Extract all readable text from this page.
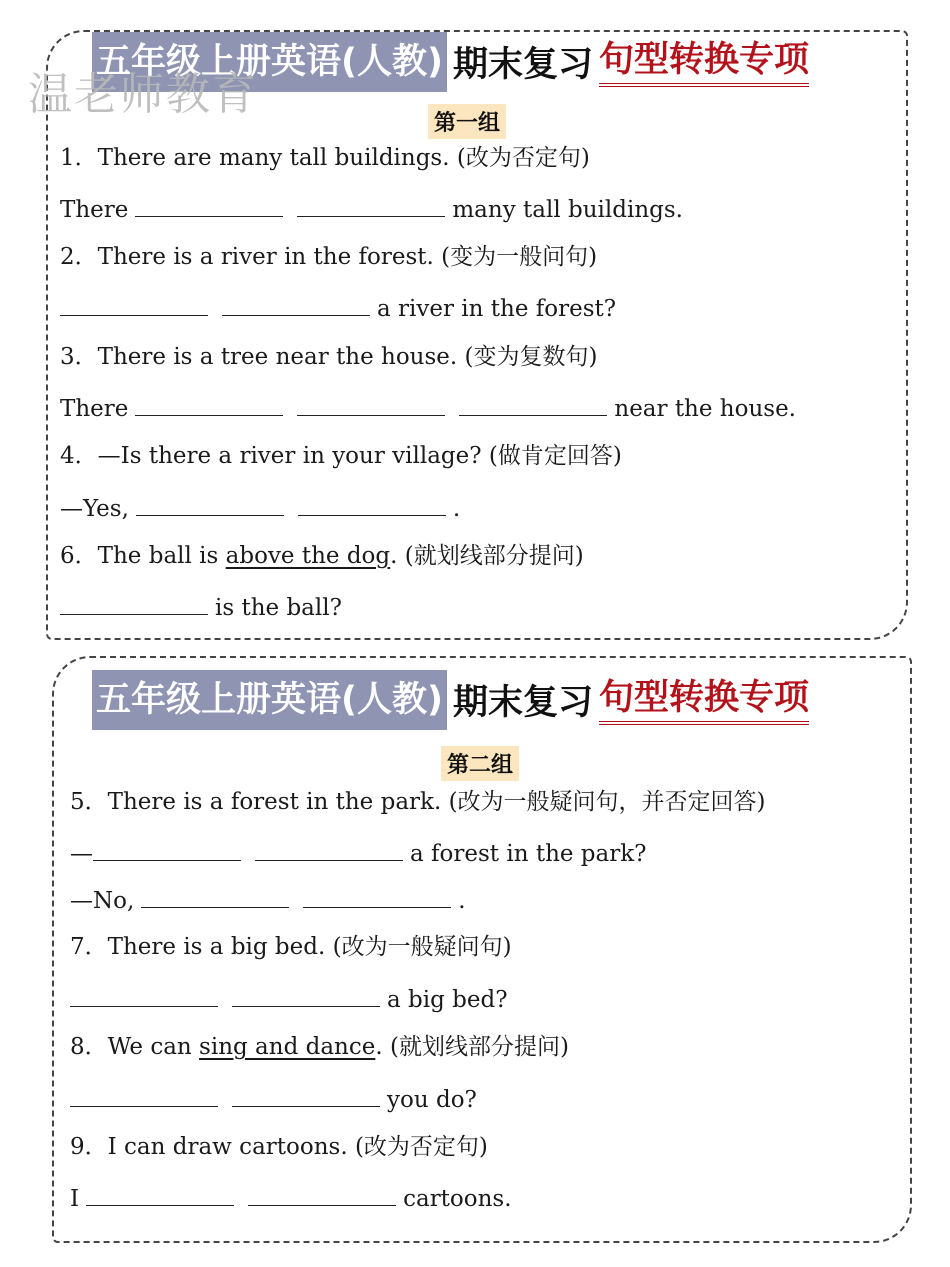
温老师教育
五年级上册英语(人教) 期末复习 句型转换专项
第一组
1．There are many tall buildings. (改为否定句)
There	many tall buildings.
2．There is a river in the forest. (变为一般问句)
a river in the forest?
3．There is a tree near the house. (变为复数句)
There	near the house.
4．—Is there a river in your village? (做肯定回答)
—Yes,	.
6．The ball is above the dog. (就划线部分提问)
is the ball?
五年级上册英语(人教) 期末复习 句型转换专项
第二组
5．There is a forest in the park. (改为一般疑问句，并否定回答)
—	a forest in the park?
—No,	.
7．There is a big bed. (改为一般疑问句)
a big bed?
8．We can sing and dance. (就划线部分提问)
you do?
9．I can draw cartoons. (改为否定句)
I	cartoons.
